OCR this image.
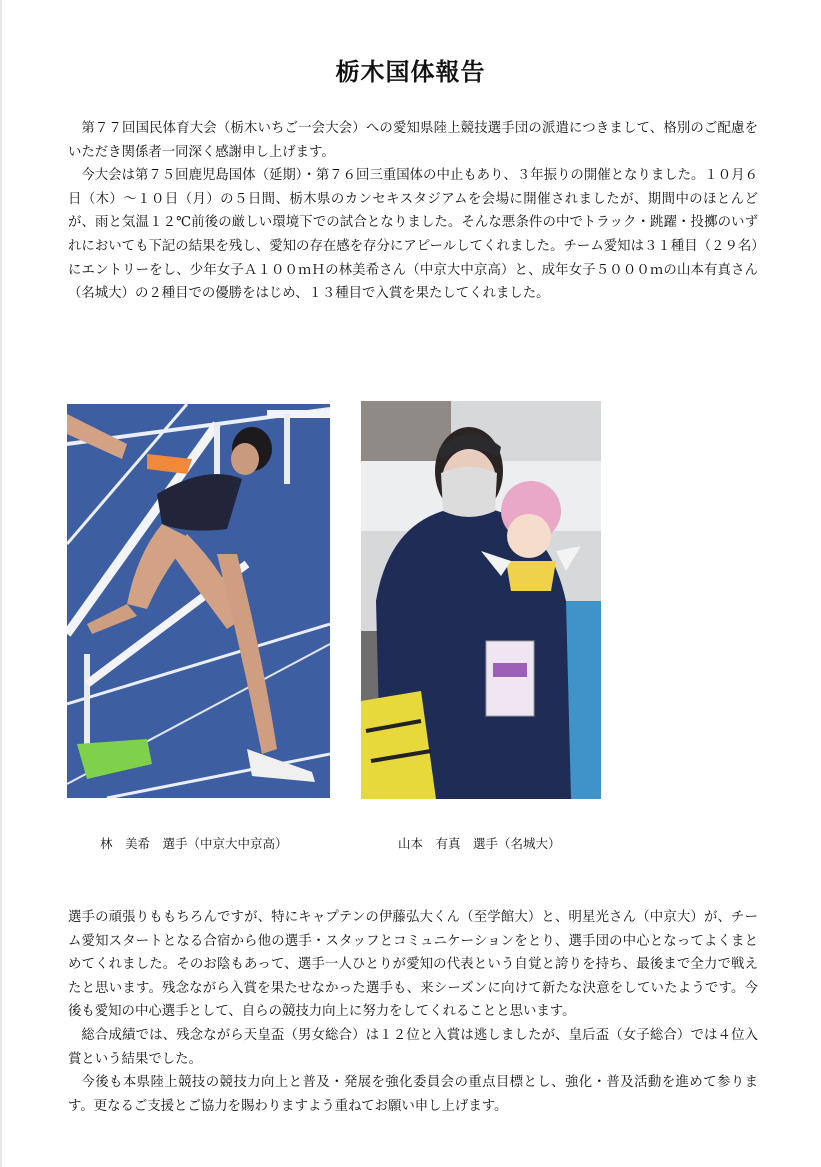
栃木国体報告

第７７回国民体育大会（栃木いちご一会大会）への愛知県陸上競技選手団の派遣につきまして、格別のご配慮をいただき関係者一同深く感謝申し上げます。

今大会は第７５回鹿児島国体（延期）・第７６回三重国体の中止もあり、３年振りの開催となりました。１０月６日（木）～１０日（月）の５日間、栃木県のカンセキスタジアムを会場に開催されましたが、期間中のほとんどが、雨と気温１２℃前後の厳しい環境下での試合となりました。そんな悪条件の中でトラック・跳躍・投擲のいずれにおいても下記の結果を残し、愛知の存在感を存分にアピールしてくれました。チーム愛知は３１種目（２９名）にエントリーをし、少年女子Ａ１００ｍＨの林美希さん（中京大中京高）と、成年女子５０００ｍの山本有真さん（名城大）の２種目での優勝をはじめ、１３種目で入賞を果たしてくれました。

林　美希　選手（中京大中京高）	山本　有真　選手（名城大）

選手の頑張りももちろんですが、特にキャプテンの伊藤弘大くん（至学館大）と、明星光さん（中京大）が、チーム愛知スタートとなる合宿から他の選手・スタッフとコミュニケーションをとり、選手団の中心となってよくまとめてくれました。そのお陰もあって、選手一人ひとりが愛知の代表という自覚と誇りを持ち、最後まで全力で戦えたと思います。残念ながら入賞を果たせなかった選手も、来シーズンに向けて新たな決意をしていたようです。今後も愛知の中心選手として、自らの競技力向上に努力をしてくれることと思います。

総合成績では、残念ながら天皇盃（男女総合）は１２位と入賞は逃しましたが、皇后盃（女子総合）では４位入賞という結果でした。

今後も本県陸上競技の競技力向上と普及・発展を強化委員会の重点目標とし、強化・普及活動を進めて参ります。更なるご支援とご協力を賜わりますよう重ねてお願い申し上げます。
